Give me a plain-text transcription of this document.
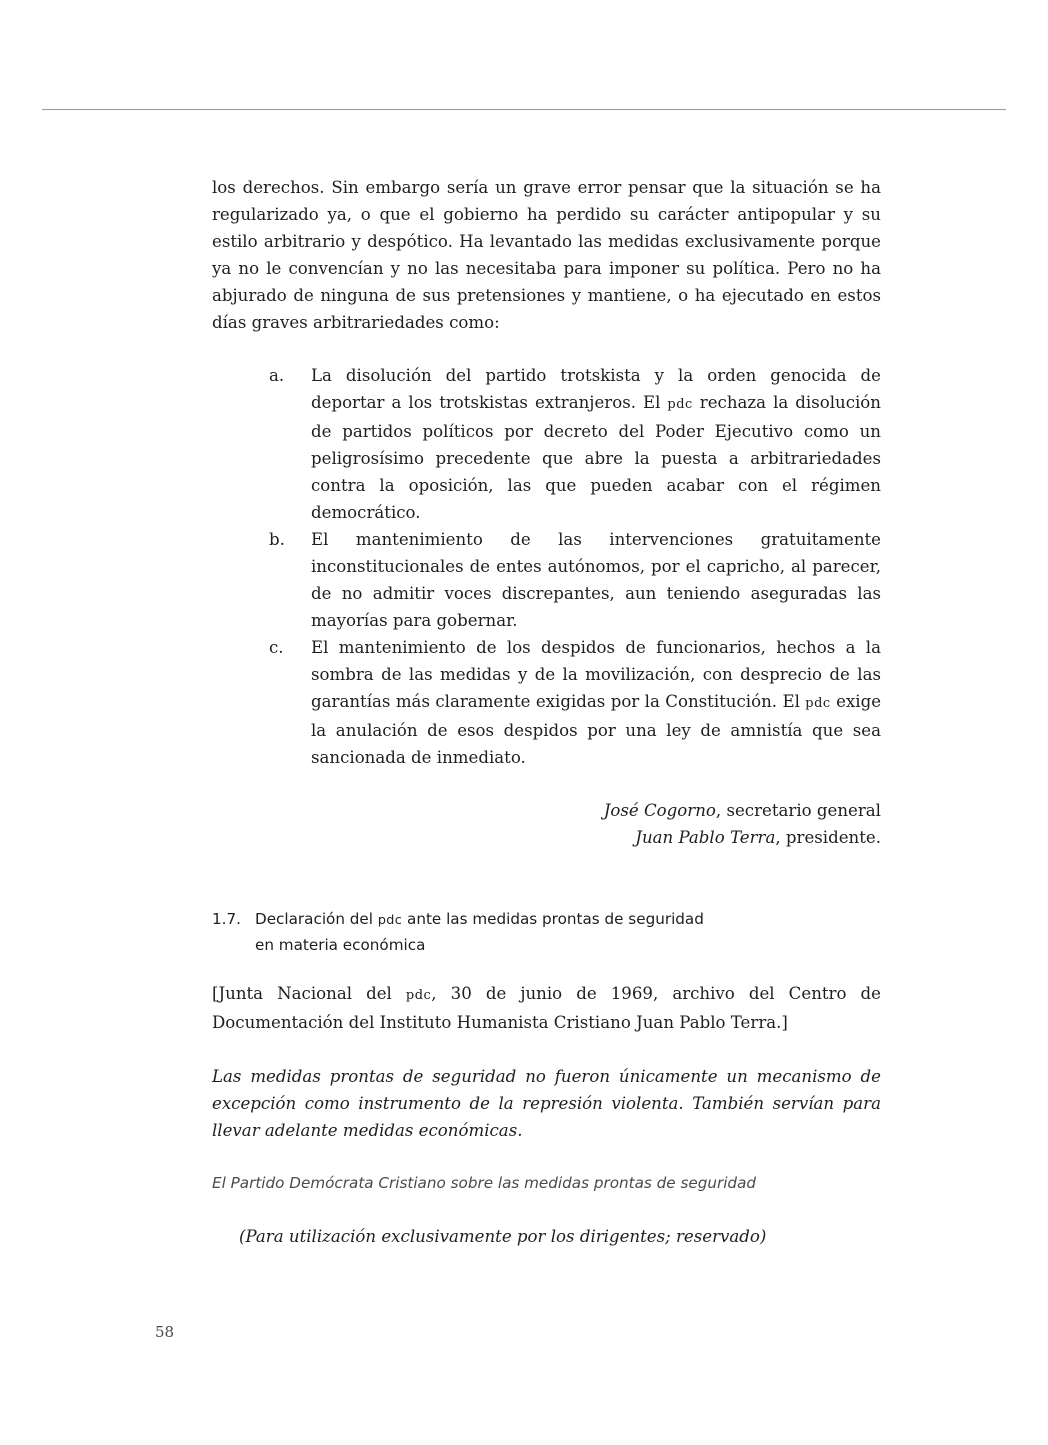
los derechos. Sin embargo sería un grave error pensar que la situación se ha regularizado ya, o que el gobierno ha perdido su carácter antipopular y su estilo arbitrario y despótico. Ha levantado las medidas exclusivamente porque ya no le convencían y no las necesitaba para imponer su política. Pero no ha abjurado de ninguna de sus pretensiones y mantiene, o ha ejecutado en estos días graves arbitrariedades como:

a. La disolución del partido trotskista y la orden genocida de deportar a los trotskistas extranjeros. El pdc rechaza la disolución de partidos políticos por decreto del Poder Ejecutivo como un peligrosísimo precedente que abre la puesta a arbitrariedades contra la oposición, las que pueden acabar con el régimen democrático.
b. El mantenimiento de las intervenciones gratuitamente inconstitucionales de entes autónomos, por el capricho, al parecer, de no admitir voces discrepantes, aun teniendo aseguradas las mayorías para gobernar.
c. El mantenimiento de los despidos de funcionarios, hechos a la sombra de las medidas y de la movilización, con desprecio de las garantías más claramente exigidas por la Constitución. El pdc exige la anulación de esos despidos por una ley de amnistía que sea sancionada de inmediato.
José Cogorno, secretario general
Juan Pablo Terra, presidente.
1.7. Declaración del pdc ante las medidas prontas de seguridad
en materia económica

[Junta Nacional del pdc, 30 de junio de 1969, archivo del Centro de Documentación del Instituto Humanista Cristiano Juan Pablo Terra.]

Las medidas prontas de seguridad no fueron únicamente un mecanismo de excepción como instrumento de la represión violenta. También servían para llevar adelante medidas económicas.

El Partido Demócrata Cristiano sobre las medidas prontas de seguridad

(Para utilización exclusivamente por los dirigentes; reservado)

58
